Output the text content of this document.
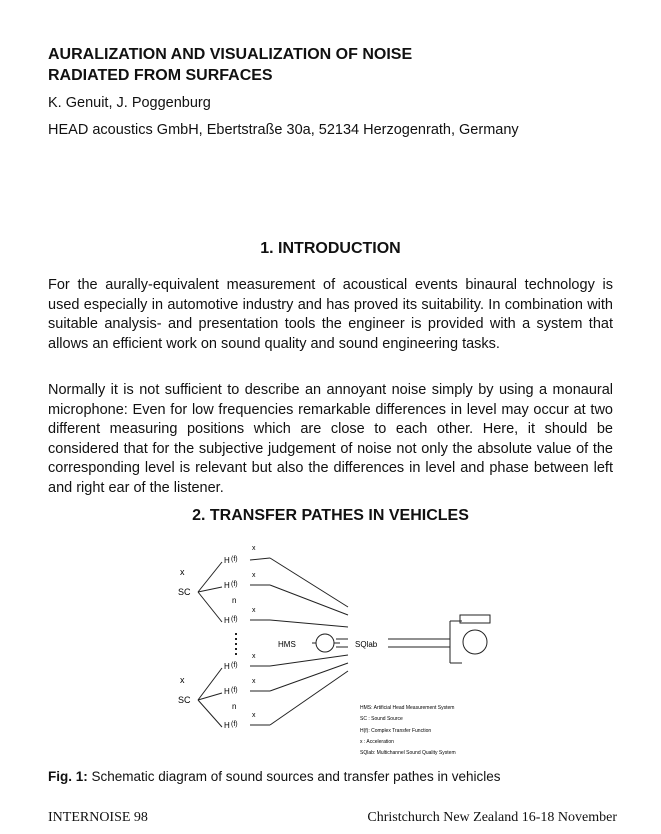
AURALIZATION AND VISUALIZATION OF NOISE
RADIATED FROM SURFACES
K. Genuit, J. Poggenburg
HEAD acoustics GmbH, Ebertstraße 30a, 52134 Herzogenrath, Germany
1. INTRODUCTION

For the aurally-equivalent measurement of acoustical events binaural technology is used especially in automotive industry and has proved its suitability. In combination with suitable analysis- and presentation tools the engineer is provided with a system that allows an efficient work on sound quality and sound engineering tasks.

Normally it is not sufficient to describe an annoyant noise simply by using a monaural microphone: Even for low frequencies remarkable differences in level may occur at two different measuring positions which are close to each other. Here, it should be considered that for the subjective judgement of noise not only the absolute value of the corresponding level is relevant but also the differences in level and phase between left and right ear of the listener.

2. TRANSFER PATHES IN VEHICLES
x
SC
x
SC
H (f)
H (f)
n
H (f)
x
x
x
H (f)
H (f)
n
H (f)
x
x
x
HMS	SQlab
HMS: Artificial Head Measurement System
SC : Sound Source
H(f): Complex Transfer Function
x : Acceleration
SQlab: Multichannel Sound Quality System
Fig. 1: Schematic diagram of sound sources and transfer pathes in vehicles
INTERNOISE 98	Christchurch New Zealand 16-18 November
